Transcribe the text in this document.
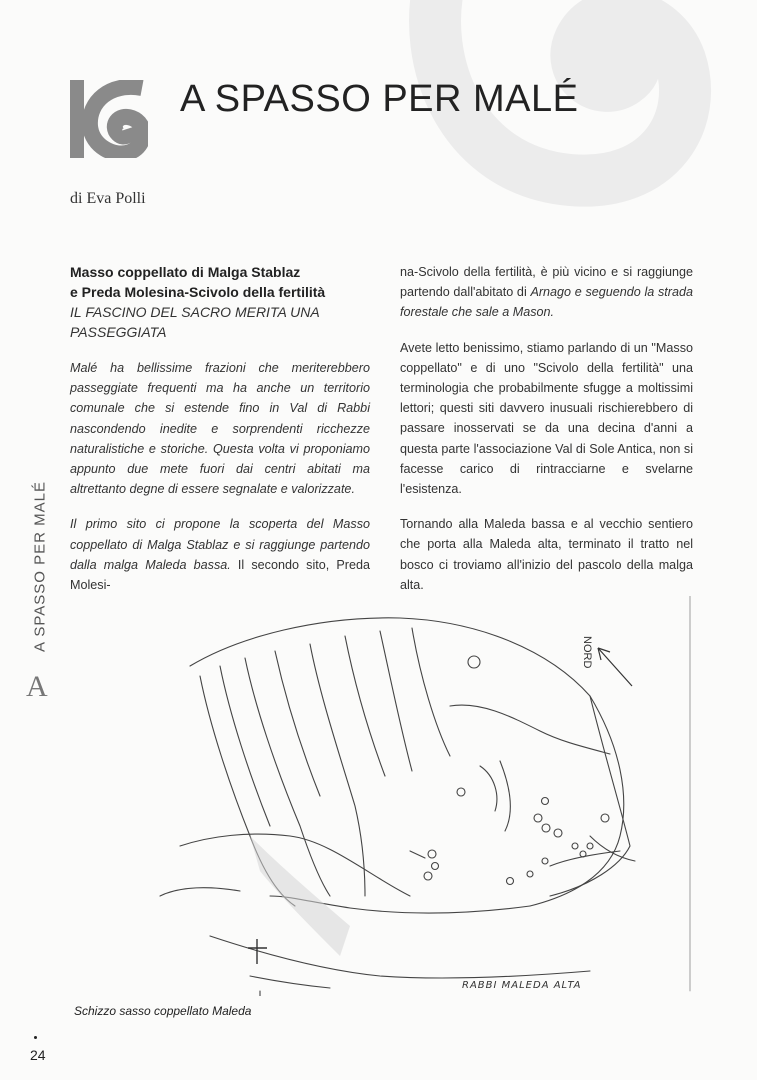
A SPASSO PER MALÉ
di Eva Polli
Masso coppellato di Malga Stablaz
e Preda Molesina-Scivolo della fertilità
IL FASCINO DEL SACRO MERITA UNA PASSEGGIATA

Malé ha bellissime frazioni che meriterebbero passeggiate frequenti ma ha anche un territorio comunale che si estende fino in Val di Rabbi nascondendo inedite e sorprendenti ricchezze naturalistiche e storiche. Questa volta vi proponiamo appunto due mete fuori dai centri abitati ma altrettanto degne di essere segnalate e valorizzate.

Il primo sito ci propone la scoperta del Masso coppellato di Malga Stablaz e si raggiunge partendo dalla malga Maleda bassa. Il secondo sito, Preda Molesi-

na-Scivolo della fertilità, è più vicino e si raggiunge partendo dall'abitato di Arnago e seguendo la strada forestale che sale a Mason.

Avete letto benissimo, stiamo parlando di un "Masso coppellato" e di uno "Scivolo della fertilità" una terminologia che probabilmente sfugge a moltissimi lettori; questi siti davvero inusuali rischierebbero di passare inosservati se da una decina d'anni a questa parte l'associazione Val di Sole Antica, non si facesse carico di rintracciarne e svelarne l'esistenza.

Tornando alla Maleda bassa e al vecchio sentiero che porta alla Maleda alta, terminato il tratto nel bosco ci troviamo all'inizio del pascolo della malga alta.

A SPASSO PER MALÉ
A
NORD
RABBI MALEDA ALTA
Schizzo sasso coppellato Maleda
24
